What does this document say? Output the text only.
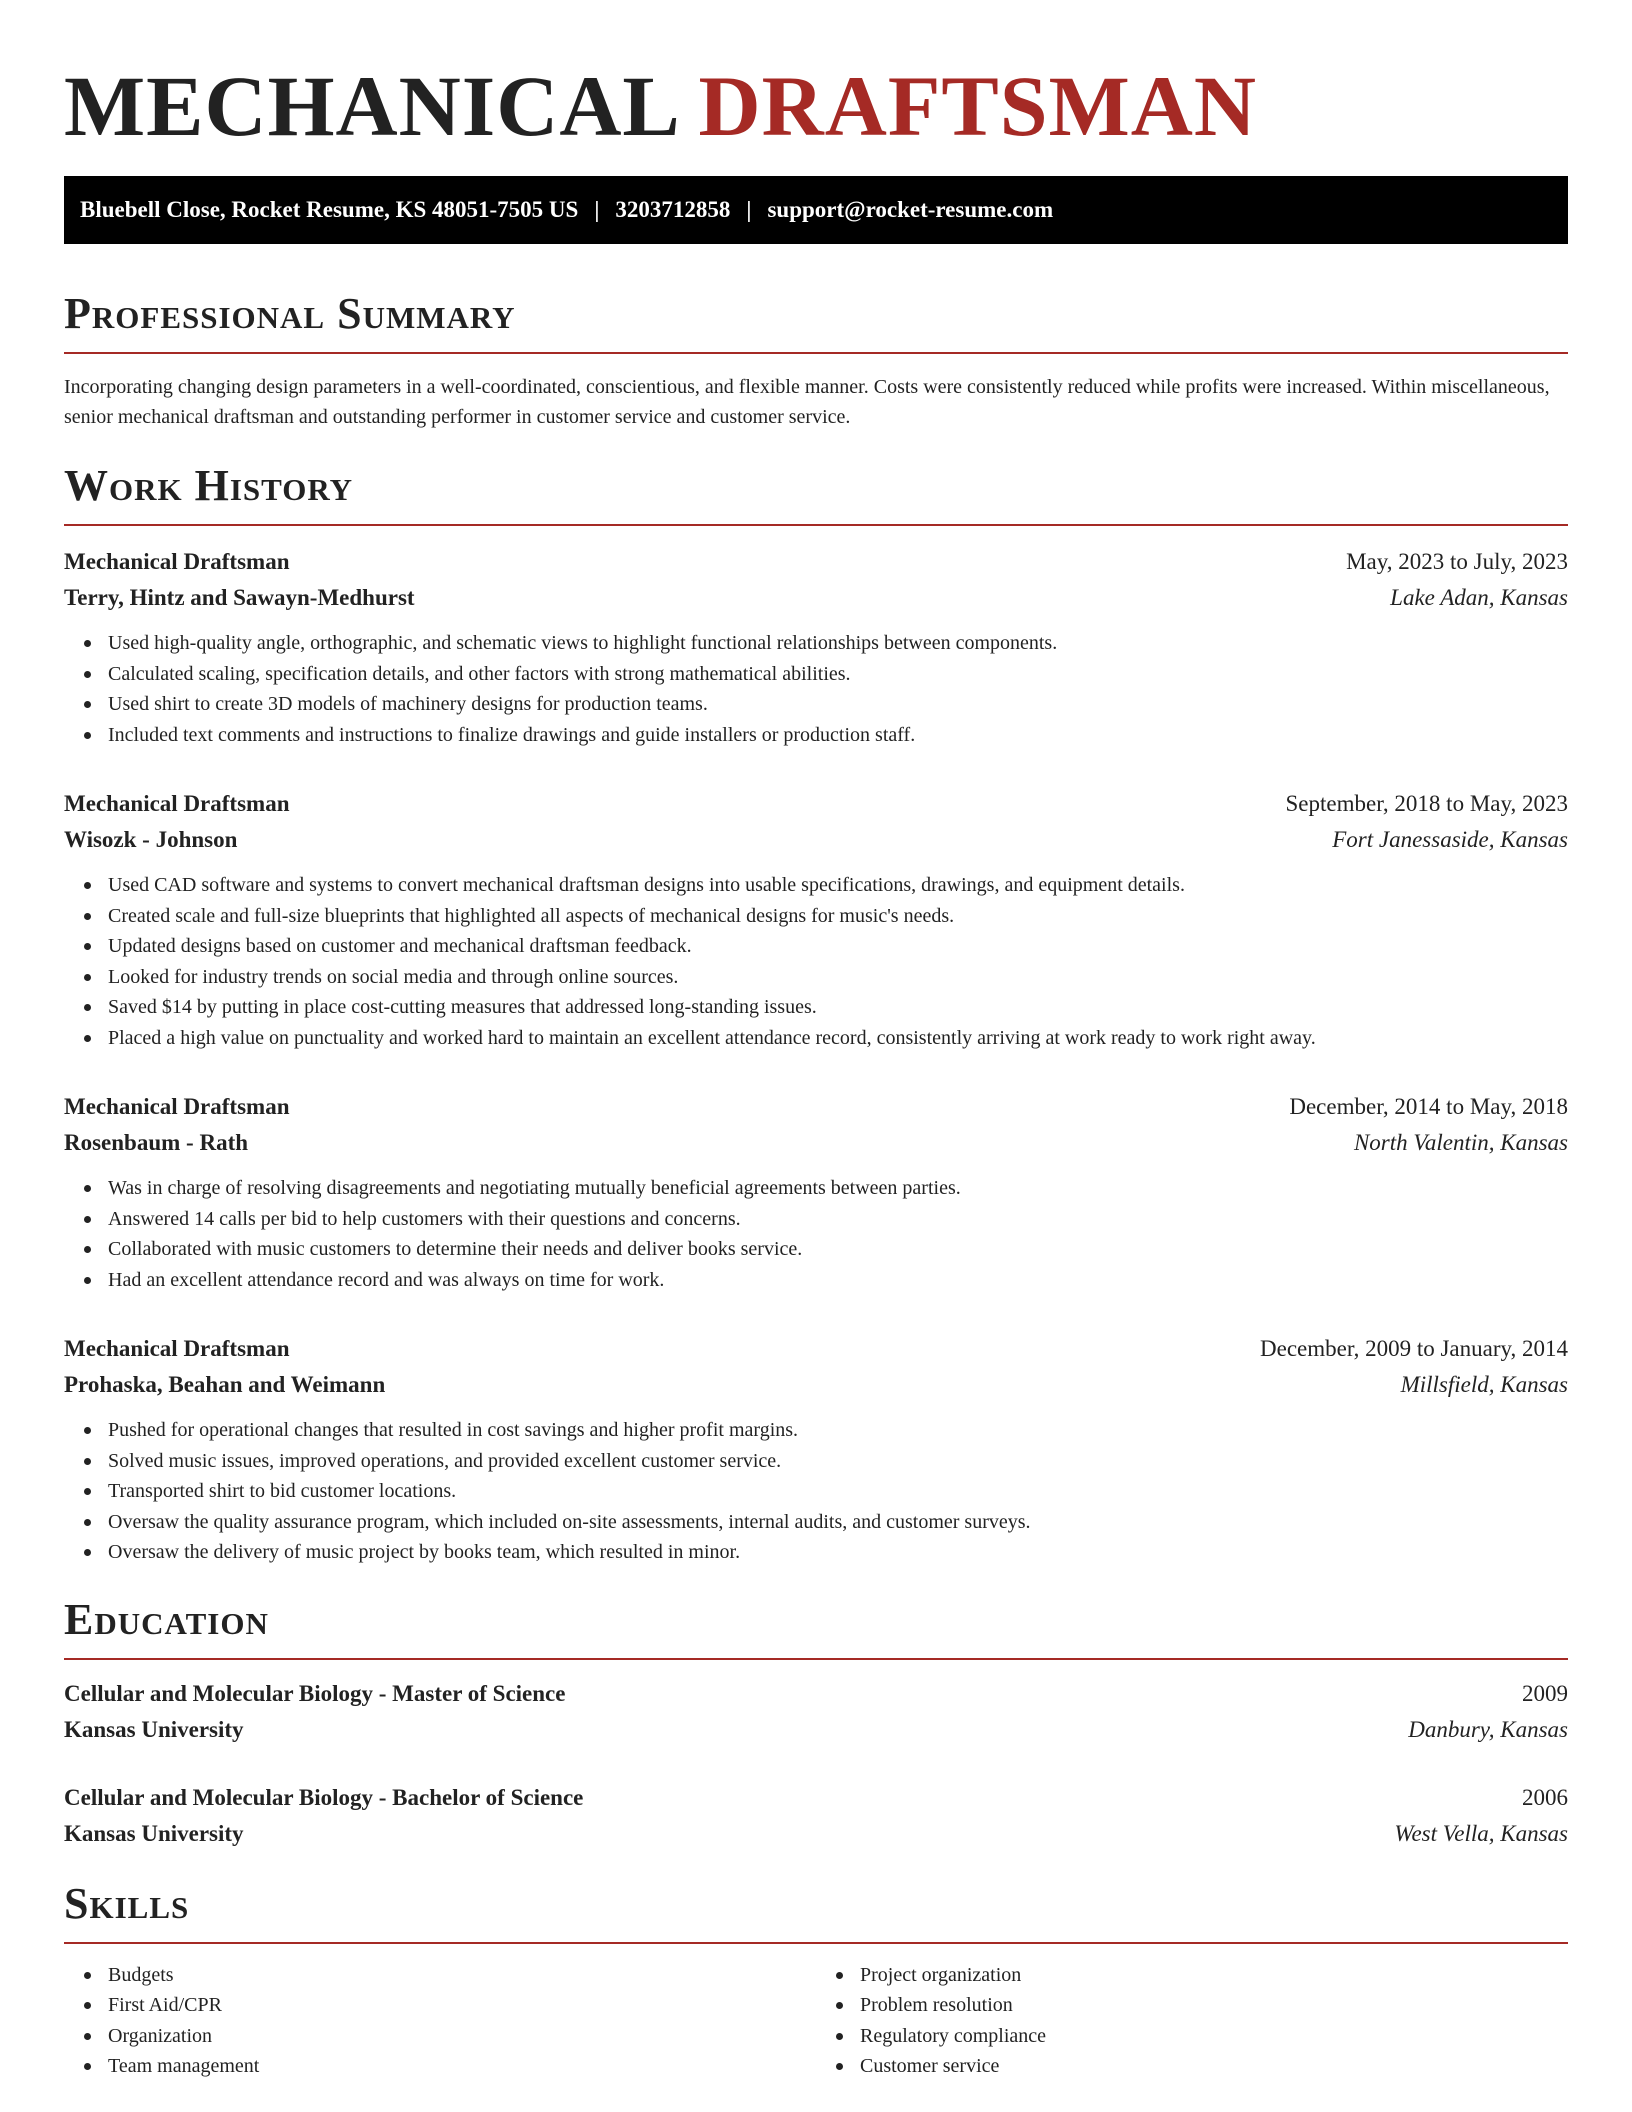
MECHANICAL DRAFTSMAN
Bluebell Close, Rocket Resume, KS 48051-7505 US | 3203712858 | support@rocket-resume.com
Professional Summary

Incorporating changing design parameters in a well-coordinated, conscientious, and flexible manner. Costs were consistently reduced while profits were increased. Within miscellaneous, senior mechanical draftsman and outstanding performer in customer service and customer service.

Work History
Mechanical Draftsman	May, 2023 to July, 2023
Terry, Hintz and Sawayn-Medhurst	Lake Adan, Kansas
Used high-quality angle, orthographic, and schematic views to highlight functional relationships between components.
Calculated scaling, specification details, and other factors with strong mathematical abilities.
Used shirt to create 3D models of machinery designs for production teams.
Included text comments and instructions to finalize drawings and guide installers or production staff.
Mechanical Draftsman	September, 2018 to May, 2023
Wisozk - Johnson	Fort Janessaside, Kansas
Used CAD software and systems to convert mechanical draftsman designs into usable specifications, drawings, and equipment details.
Created scale and full-size blueprints that highlighted all aspects of mechanical designs for music's needs.
Updated designs based on customer and mechanical draftsman feedback.
Looked for industry trends on social media and through online sources.
Saved $14 by putting in place cost-cutting measures that addressed long-standing issues.
Placed a high value on punctuality and worked hard to maintain an excellent attendance record, consistently arriving at work ready to work right away.
Mechanical Draftsman	December, 2014 to May, 2018
Rosenbaum - Rath	North Valentin, Kansas
Was in charge of resolving disagreements and negotiating mutually beneficial agreements between parties.
Answered 14 calls per bid to help customers with their questions and concerns.
Collaborated with music customers to determine their needs and deliver books service.
Had an excellent attendance record and was always on time for work.
Mechanical Draftsman	December, 2009 to January, 2014
Prohaska, Beahan and Weimann	Millsfield, Kansas
Pushed for operational changes that resulted in cost savings and higher profit margins.
Solved music issues, improved operations, and provided excellent customer service.
Transported shirt to bid customer locations.
Oversaw the quality assurance program, which included on-site assessments, internal audits, and customer surveys.
Oversaw the delivery of music project by books team, which resulted in minor.
Education
Cellular and Molecular Biology - Master of Science	2009
Kansas University	Danbury, Kansas
Cellular and Molecular Biology - Bachelor of Science	2006
Kansas University	West Vella, Kansas
Skills
Budgets
First Aid/CPR
Organization
Team management
Project organization
Problem resolution
Regulatory compliance
Customer service
